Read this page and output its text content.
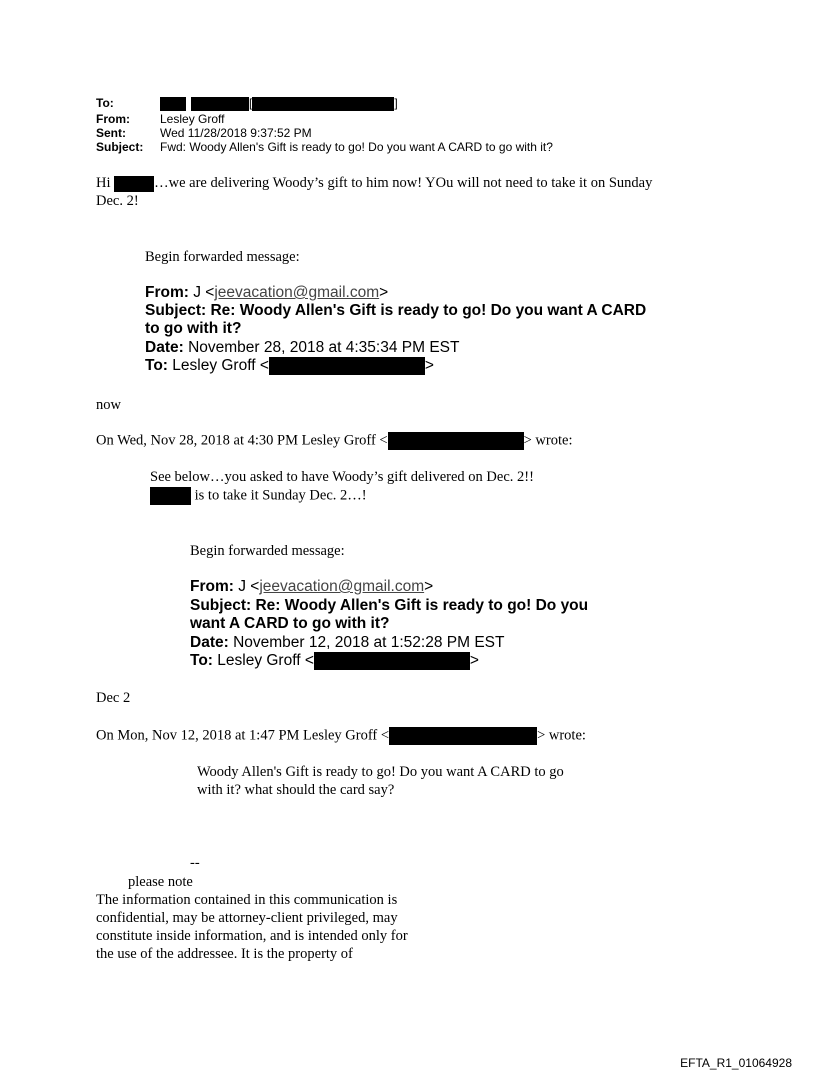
To:	[	]
From:	Lesley Groff
Sent:	Wed 11/28/2018 9:37:52 PM
Subject: Fwd: Woody Allen's Gift is ready to go! Do you want A CARD to go with it?
Hi	…we are delivering Woody’s gift to him now! YOu will not need to take it on Sunday
Dec. 2!
Begin forwarded message:
From: J <jeevacation@gmail.com>
Subject: Re: Woody Allen's Gift is ready to go! Do you want A CARD
to go with it?
Date: November 28, 2018 at 4:35:34 PM EST
To: Lesley Groff <	>
now
On Wed, Nov 28, 2018 at 4:30 PM Lesley Groff <	> wrote:
See below…you asked to have Woody’s gift delivered on Dec. 2!!
is to take it Sunday Dec. 2…!
Begin forwarded message:
From: J <jeevacation@gmail.com>
Subject: Re: Woody Allen's Gift is ready to go! Do you
want A CARD to go with it?
Date: November 12, 2018 at 1:52:28 PM EST
To: Lesley Groff <	>
Dec 2
On Mon, Nov 12, 2018 at 1:47 PM Lesley Groff <	> wrote:
Woody Allen's Gift is ready to go! Do you want A CARD to go
with it? what should the card say?
--
please note
The information contained in this communication is
confidential, may be attorney-client privileged, may
constitute inside information, and is intended only for
the use of the addressee. It is the property of
EFTA_R1_01064928
